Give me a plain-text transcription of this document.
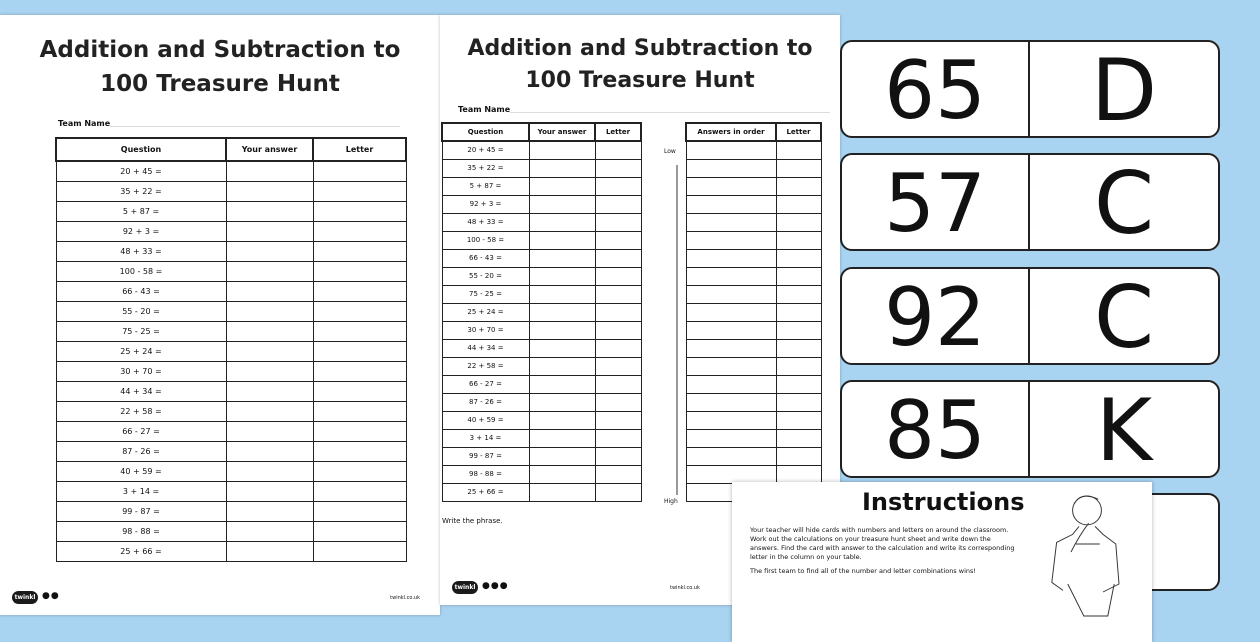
65	D
57	C
92	C
85	K
Addition and Subtraction to
100 Treasure Hunt
Team Name
Question	Your answer	Letter
20 + 45 =		
35 + 22 =		
5 + 87 =		
92 + 3 =		
48 + 33 =		
100 - 58 =		
66 - 43 =		
55 - 20 =		
75 - 25 =		
25 + 24 =		
30 + 70 =		
44 + 34 =		
22 + 58 =		
66 - 27 =		
87 - 26 =		
40 + 59 =		
3 + 14 =		
99 - 87 =		
98 - 88 =		
25 + 66 =		
twinkl ●●	twinkl.co.uk
Addition and Subtraction to
100 Treasure Hunt
Team Name
Question	Your answer	Letter
20 + 45 =		
35 + 22 =		
5 + 87 =		
92 + 3 =		
48 + 33 =		
100 - 58 =		
66 - 43 =		
55 - 20 =		
75 - 25 =		
25 + 24 =		
30 + 70 =		
44 + 34 =		
22 + 58 =		
66 - 27 =		
87 - 26 =		
40 + 59 =		
3 + 14 =		
99 - 87 =		
98 - 88 =		
25 + 66 =		
Low
High
Answers in order	Letter

Write the phrase.
twinkl ●●●	twinkl.co.uk
Instructions

Your teacher will hide cards with numbers and letters on around the classroom. Work out the calculations on your treasure hunt sheet and write down the answers. Find the card with answer to the calculation and write its corresponding letter in the column on your table.

The first team to find all of the number and letter combinations wins!
